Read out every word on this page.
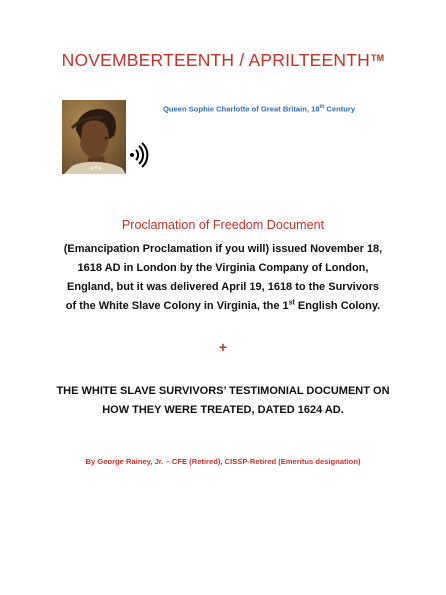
NOVEMBERTEENTH / APRILTEENTH™
Queen Sophie Charlotte of Great Britain, 18th Century
Proclamation of Freedom Document
(Emancipation Proclamation if you will) issued November 18,
1618 AD in London by the Virginia Company of London,
England, but it was delivered April 19, 1618 to the Survivors
of the White Slave Colony in Virginia, the 1st English Colony.
+
THE WHITE SLAVE SURVIVORS’ TESTIMONIAL DOCUMENT ON
HOW THEY WERE TREATED, DATED 1624 AD.
By George Rainey, Jr. – CFE (Retired), CISSP-Retired (Emeritus designation)
